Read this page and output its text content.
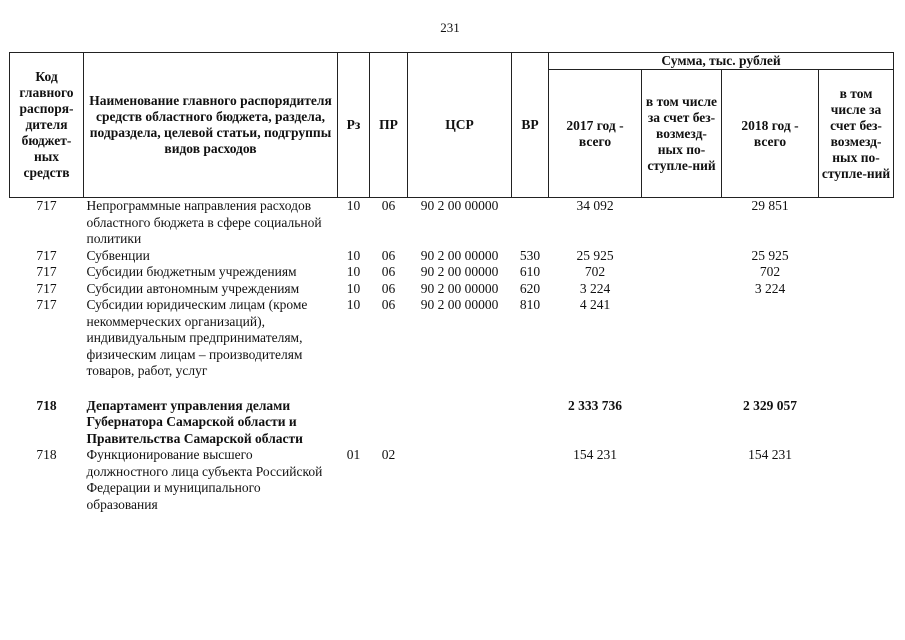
231
Код главного распоря-дителя бюджет-ных средств	Наименование главного распорядителя средств областного бюджета, раздела, подраздела, целевой статьи, подгруппы видов расходов	Рз	ПР	ЦСР	ВР	Сумма, тыс. рублей			
						2017 год - всего	в том числе за счет без-возмезд-ных по-ступле-ний	2018 год - всего	в том числе за счет без-возмезд-ных по-ступле-ний
717	Непрограммные направления расходов областного бюджета в сфере социальной политики	10	06	90 2 00 00000		34 092		29 851	
717	Субвенции	10	06	90 2 00 00000	530	25 925		25 925	
717	Субсидии бюджетным учреждениям	10	06	90 2 00 00000	610	702		702	
717	Субсидии автономным учреждениям	10	06	90 2 00 00000	620	3 224		3 224	
717	Субсидии юридическим лицам (кроме некоммерческих организаций), индивидуальным предпринимателям, физическим лицам – производителям товаров, работ, услуг	10	06	90 2 00 00000	810	4 241			

718	Департамент управления делами Губернатора Самарской области и Правительства Самарской области					2 333 736		2 329 057	
718	Функционирование высшего должностного лица субъекта Российской Федерации и муниципального образования	01	02			154 231		154 231	
